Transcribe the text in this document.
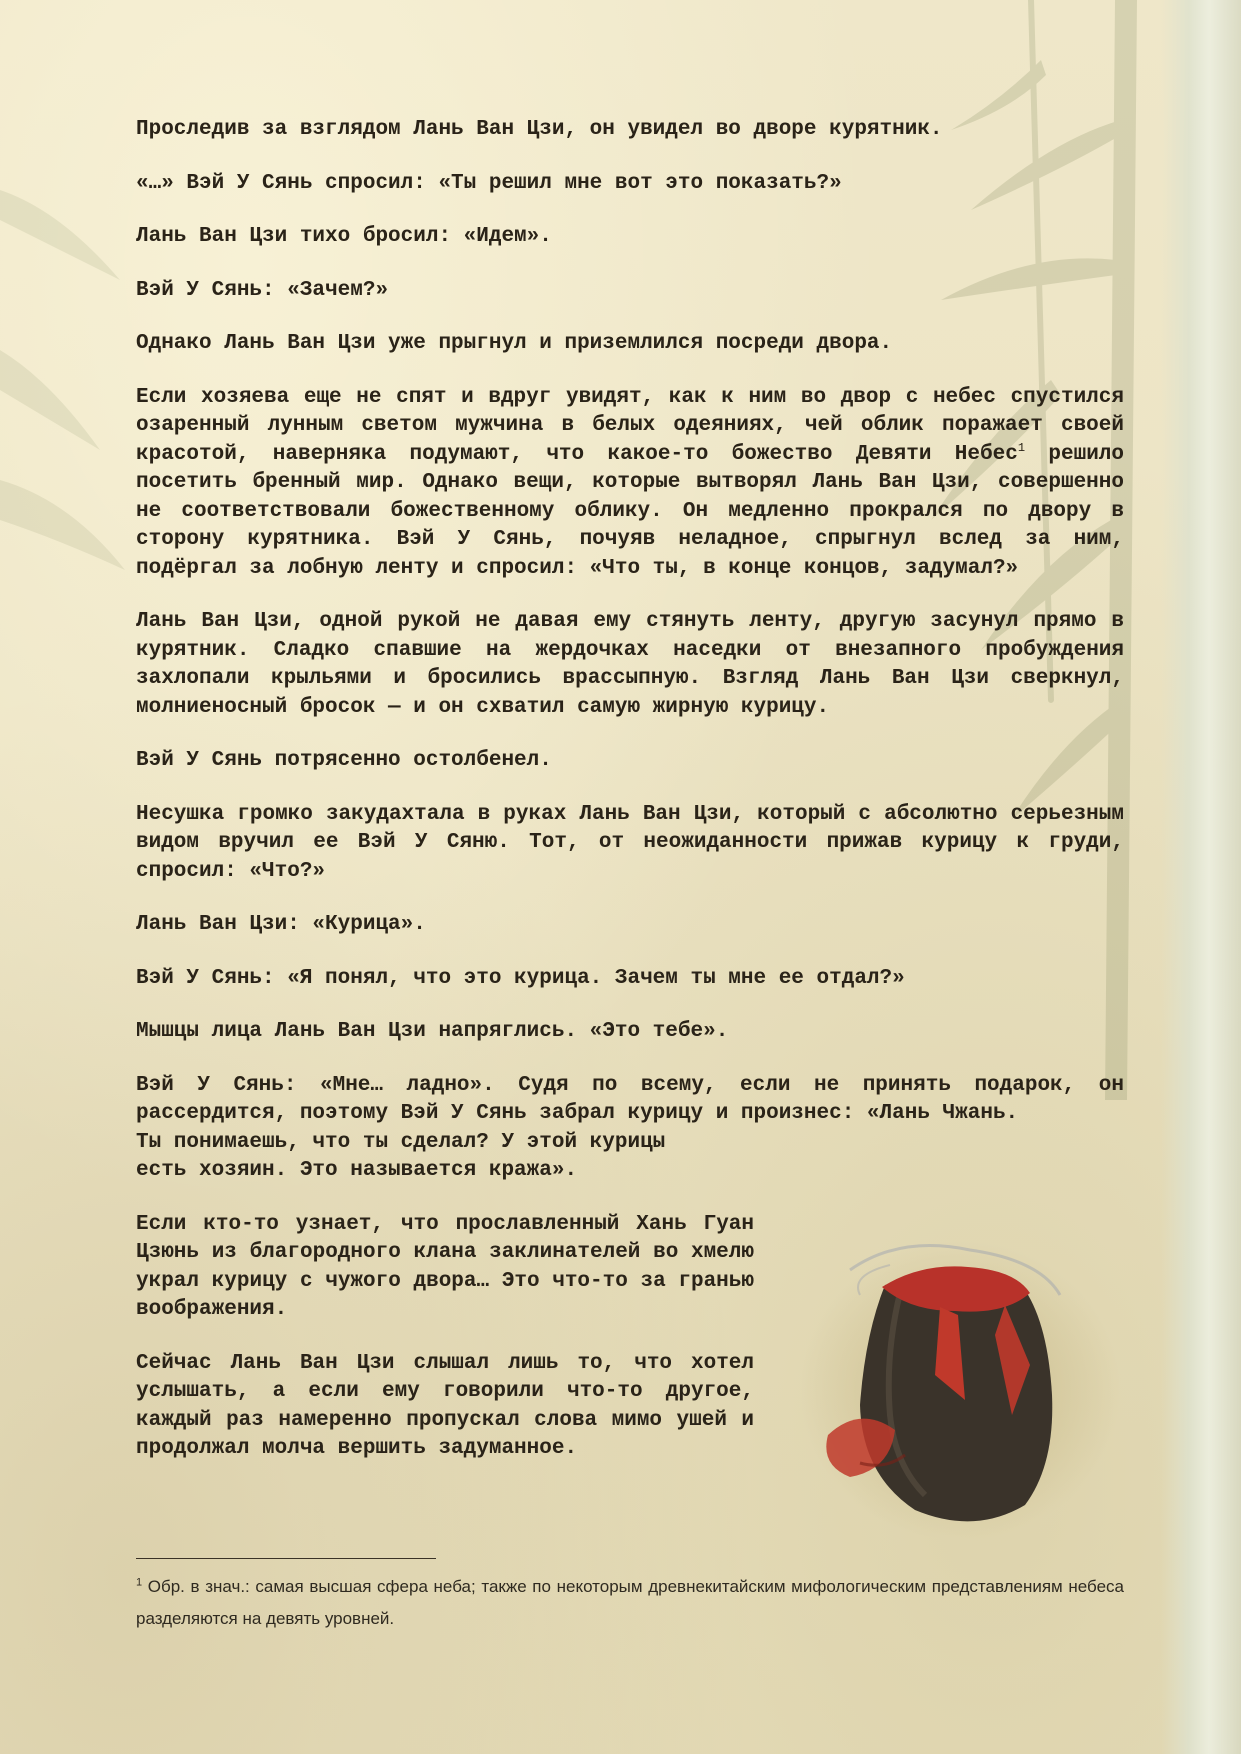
Проследив за взглядом Лань Ван Цзи, он увидел во дворе курятник.

«…» Вэй У Сянь спросил: «Ты решил мне вот это показать?»

Лань Ван Цзи тихо бросил: «Идем».

Вэй У Сянь: «Зачем?»

Однако Лань Ван Цзи уже прыгнул и приземлился посреди двора.

Если хозяева еще не спят и вдруг увидят, как к ним во двор с небес спустился озаренный лунным светом мужчина в белых одеяниях, чей облик поражает своей красотой, наверняка подумают, что какое-то божество Девяти Небес$^1$ решило посетить бренный мир. Однако вещи, которые вытворял Лань Ван Цзи, совершенно не соответствовали божественному облику. Он медленно прокрался по двору в сторону курятника. Вэй У Сянь, почуяв неладное, спрыгнул вслед за ним, подёргал за лобную ленту и спросил: «Что ты, в конце концов, задумал?»

Лань Ван Цзи, одной рукой не давая ему стянуть ленту, другую засунул прямо в курятник. Сладко спавшие на жердочках наседки от внезапного пробуждения захлопали крыльями и бросились врассыпную. Взгляд Лань Ван Цзи сверкнул, молниеносный бросок — и он схватил самую жирную курицу.

Вэй У Сянь потрясенно остолбенел.

Несушка громко закудахтала в руках Лань Ван Цзи, который с абсолютно серьезным видом вручил ее Вэй У Сяню. Тот, от неожиданности прижав курицу к груди, спросил: «Что?»

Лань Ван Цзи: «Курица».

Вэй У Сянь: «Я понял, что это курица. Зачем ты мне ее отдал?»

Мышцы лица Лань Ван Цзи напряглись. «Это тебе».

Вэй У Сянь: «Мне… ладно». Судя по всему, если не принять подарок, он рассердится, поэтому Вэй У Сянь забрал курицу и произнес: «Лань Чжань.
Ты понимаешь, что ты сделал? У этой курицы
есть хозяин. Это называется кража».

Если кто-то узнает, что прославленный Хань Гуан Цзюнь из благородного клана заклинателей во хмелю украл курицу с чужого двора… Это что-то за гранью воображения.

Сейчас Лань Ван Цзи слышал лишь то, что хотел услышать, а если ему говорили что-то другое, каждый раз намеренно пропускал слова мимо ушей и продолжал молча вершить задуманное.

$^1$ Обр. в знач.: самая высшая сфера неба; также по некоторым древнекитайским мифологическим представлениям небеса разделяются на девять уровней.
